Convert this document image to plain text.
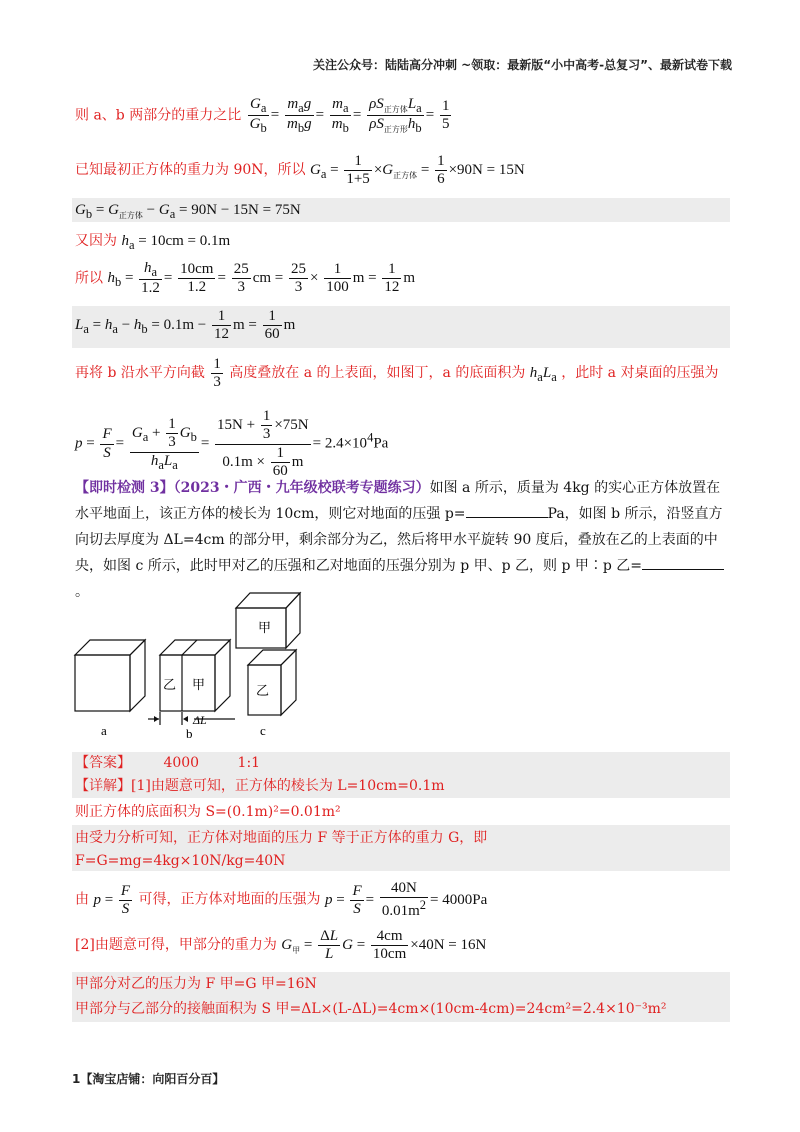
关注公众号：陆陆高分冲刺 ~领取：最新版“小中高考-总复习”、最新试卷下载
则 a、b 两部分的重力之比 $\frac{G_a}{G_b} = \frac{m_ag}{m_bg} = \frac{m_a}{m_b} = \frac{\rho S_{正方体}L_a}{\rho S_{正方形}h_b} = \frac{1}{5}$
已知最初正方体的重力为 90N，所以 $G_a = \frac{1}{1+5} \times G_{正方体} = \frac{1}{6} \times 90N = 15N$
$G_b = G_{正方体} - G_a = 90N - 15N = 75N$
又因为 $h_a = 10cm = 0.1m$
所以 $h_b = \frac{h_a}{1.2} = \frac{10cm}{1.2} = \frac{25}{3}$ cm = $\frac{25}{3} \times \frac{1}{100}$ $m = \frac{1}{12}$ m
$L_a = h_a - h_b = 0.1m - \frac{1}{12}$ $m = \frac{1}{60}$ m
再将 b 沿水平方向截 $\frac{1}{3}$ 高度叠放在 a 的上表面，如图丁，a 的底面积为 $h_aL_a$ ，此时 a 对桌面的压强为
$p = \frac{F}{S} = \frac{G_a + \frac{1}{3} G_b}{h_aL_a} = \frac{15N + \frac{1}{3} \times 75N}{0.1m \times \frac{1}{60} m} = 2.4\times 10^4Pa$
【即时检测 3】（2023・广西・九年级校联考专题练习）如图 a 所示，质量为 4kg 的实心正方体放置在水平地面上，该正方体的棱长为 10cm，则它对地面的压强 p=	Pa，如图 b 所示，沿竖直方向切去厚度为 ΔL=4cm 的部分甲，剩余部分为乙，然后将甲水平旋转 90 度后，叠放在乙的上表面的中央，如图 c 所示，此时甲对乙的压强和乙对地面的压强分别为 p 甲、p 乙，则 p 甲∶p 乙=。
乙 甲	乙
甲
ΔL
a	b	c
【答案】 4000	1:1
【详解】[1]由题意可知，正方体的棱长为 L=10cm=0.1m
则正方体的底面积为 S=(0.1m)²=0.01m²
由受力分析可知，正方体对地面的压力 F 等于正方体的重力 G，即
F=G=mg=4kg×10N/kg=40N
由 $p = \frac{F}{S}$ 可得，正方体对地面的压强为 $p = \frac{F}{S} = \frac{40N}{0.01m^2} = 4000Pa$
[2]由题意可得，甲部分的重力为 $G_甲 = \frac{\Delta L}{L}$ $G = \frac{4cm}{10cm} \times 40N = 16N$
甲部分对乙的压力为 F 甲=G 甲=16N
甲部分与乙部分的接触面积为 S 甲=ΔL×(L-ΔL)=4cm×(10cm-4cm)=24cm²=2.4×10⁻³m²
1【淘宝店铺：向阳百分百】
